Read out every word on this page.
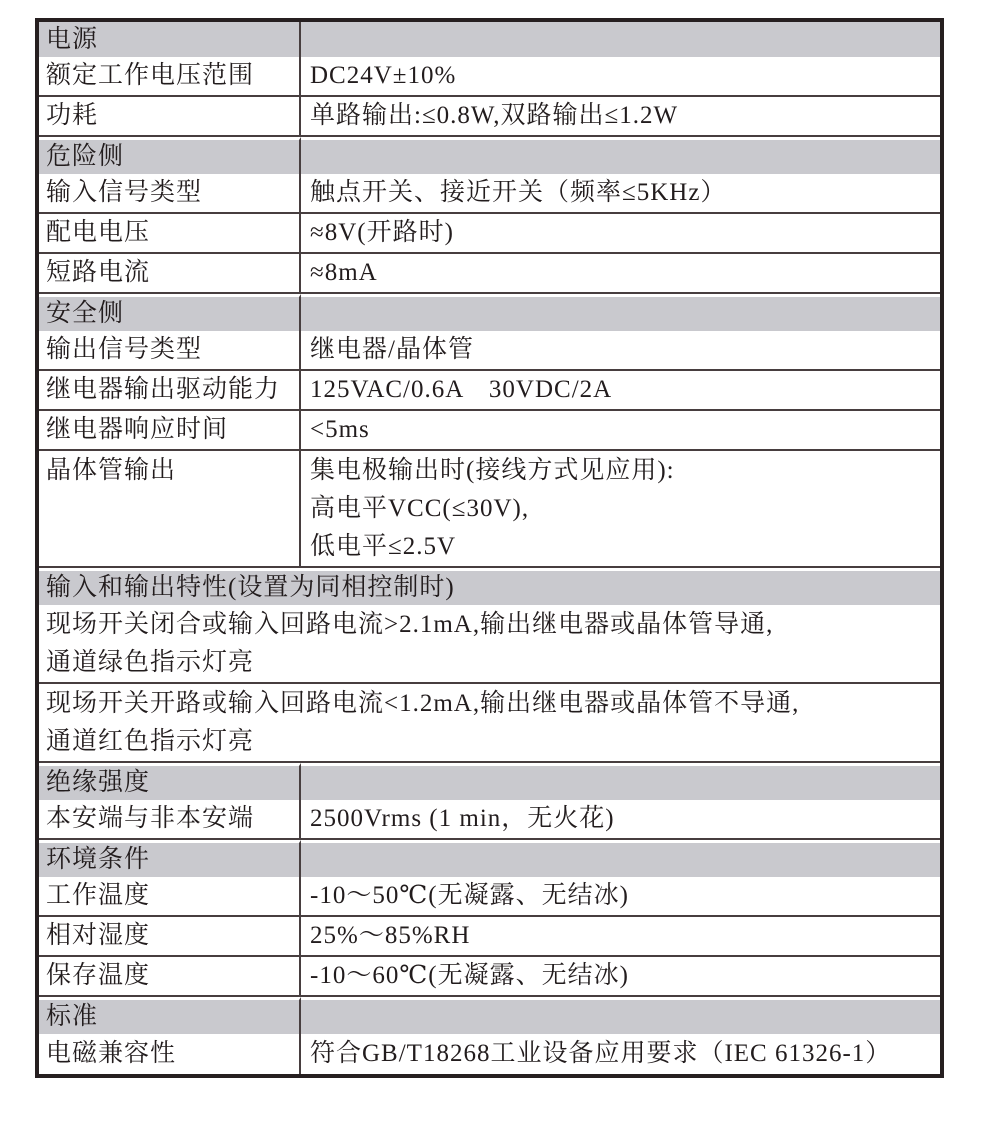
电源	
额定工作电压范围	DC24V±10%
功耗	单路输出:≤0.8W,双路输出≤1.2W
危险侧	
输入信号类型	触点开关、接近开关（频率≤5KHz）
配电电压	≈8V(开路时)
短路电流	≈8mA
安全侧	
输出信号类型	继电器/晶体管
继电器输出驱动能力	125VAC/0.6A　30VDC/2A
继电器响应时间	<5ms
晶体管输出	集电极输出时(接线方式见应用):
高电平VCC(≤30V),
低电平≤2.5V

输入和输出特性(设置为同相控制时)	

现场开关闭合或输入回路电流>2.1mA,输出继电器或晶体管导通,
通道绿色指示灯亮	

现场开关开路或输入回路电流<1.2mA,输出继电器或晶体管不导通,
通道红色指示灯亮	

绝缘强度	
本安端与非本安端	2500Vrms (1 min，无火花)
环境条件	
工作温度	-10～50℃(无凝露、无结冰)
相对湿度	25%～85%RH
保存温度	-10～60℃(无凝露、无结冰)
标准	
电磁兼容性	符合GB/T18268工业设备应用要求（IEC 61326-1）
